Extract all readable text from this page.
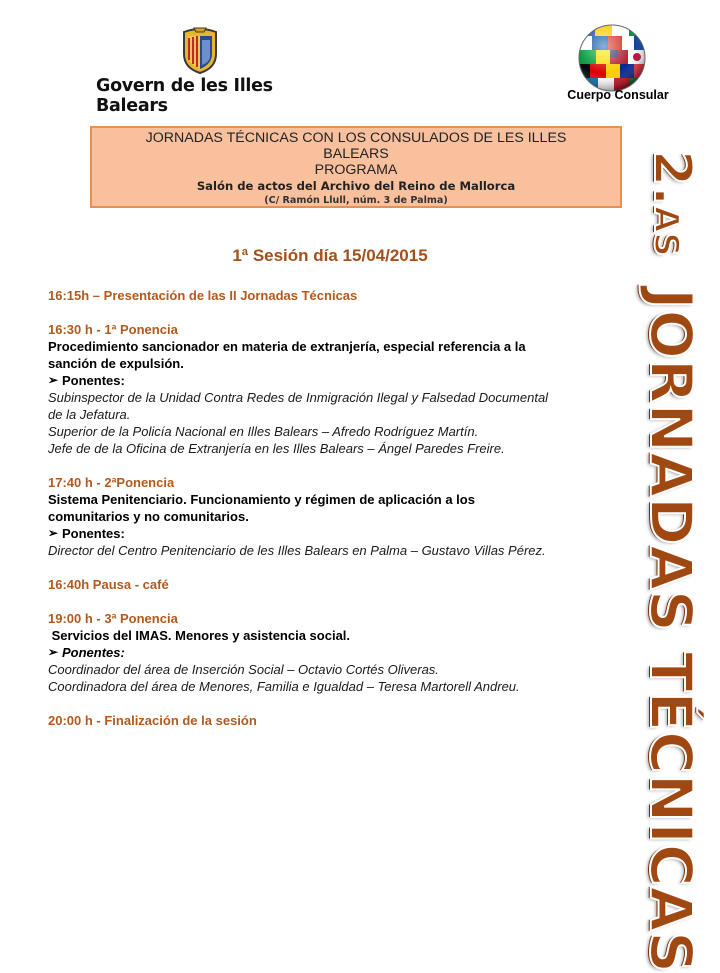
Govern de les Illes Balears
Cuerpo Consular
JORNADAS TÉCNICAS CON LOS CONSULADOS DE LES ILLES
BALEARS
PROGRAMA
Salón de actos del Archivo del Reino de Mallorca
(C/ Ramón Llull, núm. 3 de Palma)	2.AS
JORNADAS TÉCNICAS
1ª Sesión día 15/04/2015

16:15h – Presentación de las II Jornadas Técnicas

16:30 h - 1ª Ponencia

Procedimiento sancionador en materia de extranjería, especial referencia a la

sanción de expulsión.

➢ Ponentes:

Subinspector de la Unidad Contra Redes de Inmigración Ilegal y Falsedad Documental

de la Jefatura.

Superior de la Policía Nacional en Illes Balears – Afredo Rodríguez Martín.

Jefe de de la Oficina de Extranjería en les Illes Balears – Ángel Paredes Freire.

17:40 h - 2ªPonencia

Sistema Penitenciario. Funcionamiento y régimen de aplicación a los

comunitarios y no comunitarios.

➢ Ponentes:

Director del Centro Penitenciario de les Illes Balears en Palma – Gustavo Villas Pérez.

16:40h Pausa - café

19:00 h - 3ª Ponencia

Servicios del IMAS. Menores y asistencia social.

➢ Ponentes:

Coordinador del área de Inserción Social – Octavio Cortés Oliveras.

Coordinadora del área de Menores, Familia e Igualdad – Teresa Martorell Andreu.

20:00 h - Finalización de la sesión
